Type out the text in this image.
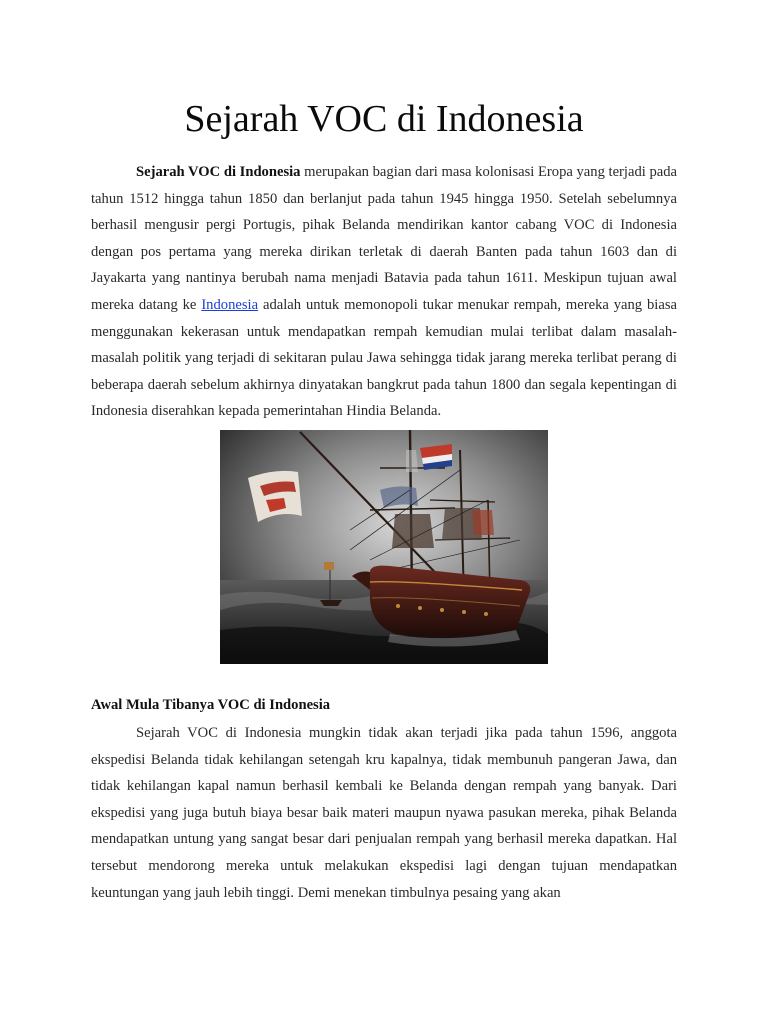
Sejarah VOC di Indonesia

Sejarah VOC di Indonesia merupakan bagian dari masa kolonisasi Eropa yang terjadi pada tahun 1512 hingga tahun 1850 dan berlanjut pada tahun 1945 hingga 1950. Setelah sebelumnya berhasil mengusir pergi Portugis, pihak Belanda mendirikan kantor cabang VOC di Indonesia dengan pos pertama yang mereka dirikan terletak di daerah Banten pada tahun 1603 dan di Jayakarta yang nantinya berubah nama menjadi Batavia pada tahun 1611. Meskipun tujuan awal mereka datang ke Indonesia adalah untuk memonopoli tukar menukar rempah, mereka yang biasa menggunakan kekerasan untuk mendapatkan rempah kemudian mulai terlibat dalam masalah-masalah politik yang terjadi di sekitaran pulau Jawa sehingga tidak jarang mereka terlibat perang di beberapa daerah sebelum akhirnya dinyatakan bangkrut pada tahun 1800 dan segala kepentingan di Indonesia diserahkan kepada pemerintahan Hindia Belanda.

Awal Mula Tibanya VOC di Indonesia

Sejarah VOC di Indonesia mungkin tidak akan terjadi jika pada tahun 1596, anggota ekspedisi Belanda tidak kehilangan setengah kru kapalnya, tidak membunuh pangeran Jawa, dan tidak kehilangan kapal namun berhasil kembali ke Belanda dengan rempah yang banyak. Dari ekspedisi yang juga butuh biaya besar baik materi maupun nyawa pasukan mereka, pihak Belanda mendapatkan untung yang sangat besar dari penjualan rempah yang berhasil mereka dapatkan. Hal tersebut mendorong mereka untuk melakukan ekspedisi lagi dengan tujuan mendapatkan keuntungan yang jauh lebih tinggi. Demi menekan timbulnya pesaing yang akan
